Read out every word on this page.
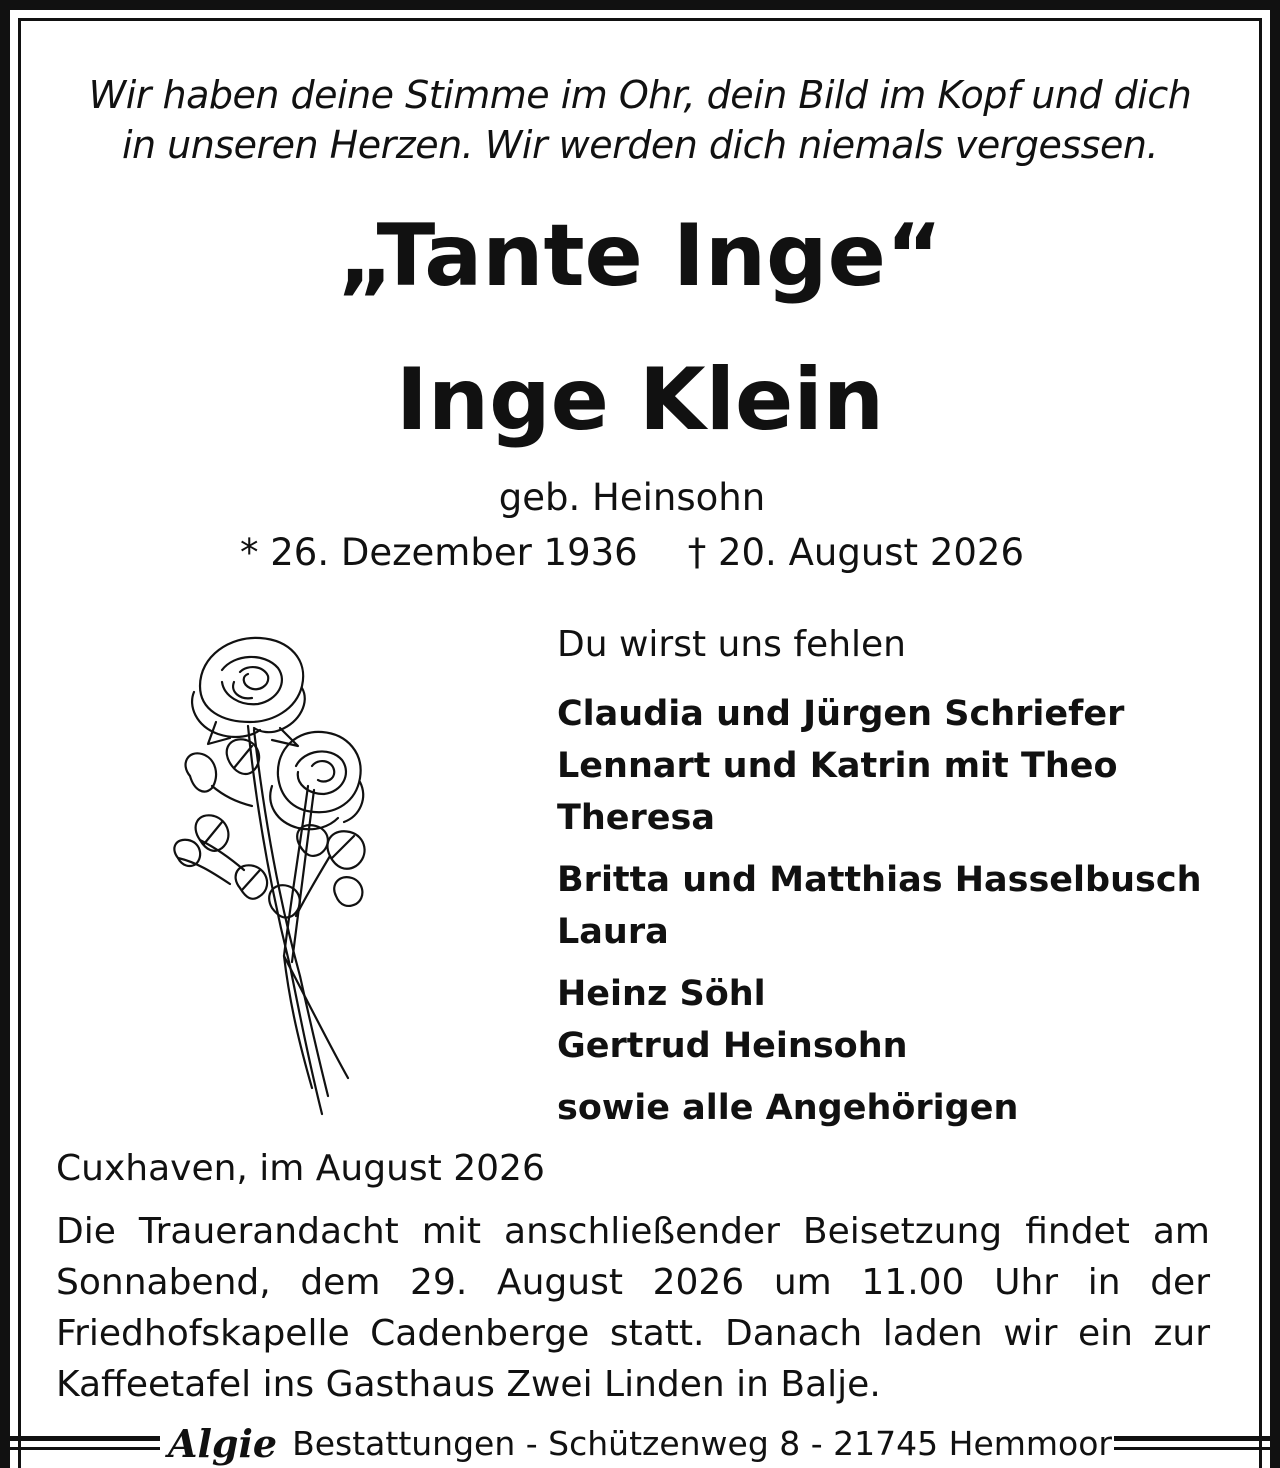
Wir haben deine Stimme im Ohr, dein Bild im Kopf und dich
in unseren Herzen. Wir werden dich niemals vergessen.
„Tante Inge“
Inge Klein
geb. Heinsohn
* 26. Dezember 1936 † 20. August 2026
Du wirst uns fehlen
Claudia und Jürgen Schriefer
Lennart und Katrin mit Theo
Theresa
Britta und Matthias Hasselbusch
Laura
Heinz Söhl
Gertrud Heinsohn
sowie alle Angehörigen
Cuxhaven, im August 2026
Die Trauerandacht mit anschließender Beisetzung findet am Sonnabend, dem 29. August 2026 um 11.00 Uhr in der Friedhofskapelle Cadenberge statt. Danach laden wir ein zur Kaffeetafel ins Gasthaus Zwei Linden in Balje.
Algie Bestattungen - Schützenweg 8 - 21745 Hemmoor
